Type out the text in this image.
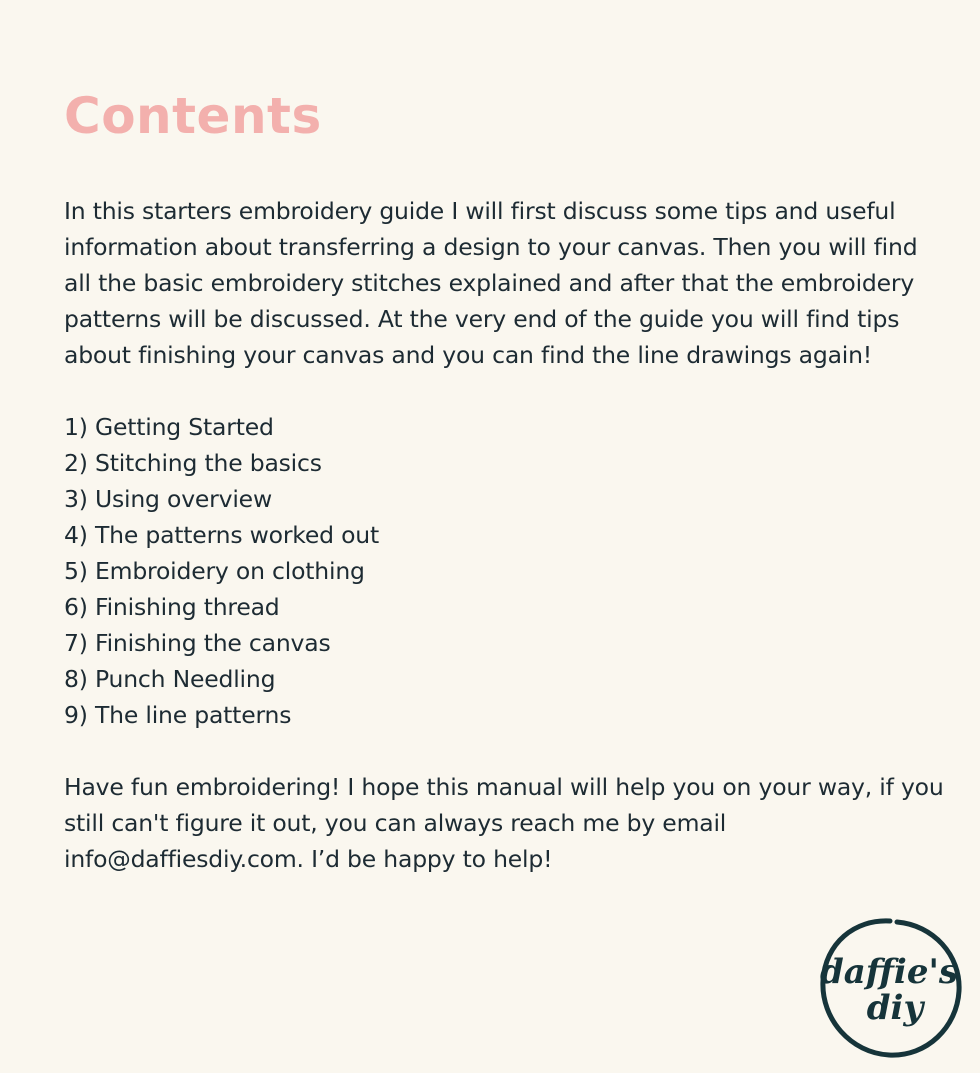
Contents

In this starters embroidery guide I will first discuss some tips and useful information about transferring a design to your canvas. Then you will find all the basic embroidery stitches explained and after that the embroidery patterns will be discussed. At the very end of the guide you will find tips about finishing your canvas and you can find the line drawings again!

1) Getting Started
2) Stitching the basics
3) Using overview
4) The patterns worked out
5) Embroidery on clothing
6) Finishing thread
7) Finishing the canvas
8) Punch Needling
9) The line patterns

Have fun embroidering! I hope this manual will help you on your way, if you still can't figure it out, you can always reach me by email info@daffiesdiy.com. I’d be happy to help!

daffie's
diy
